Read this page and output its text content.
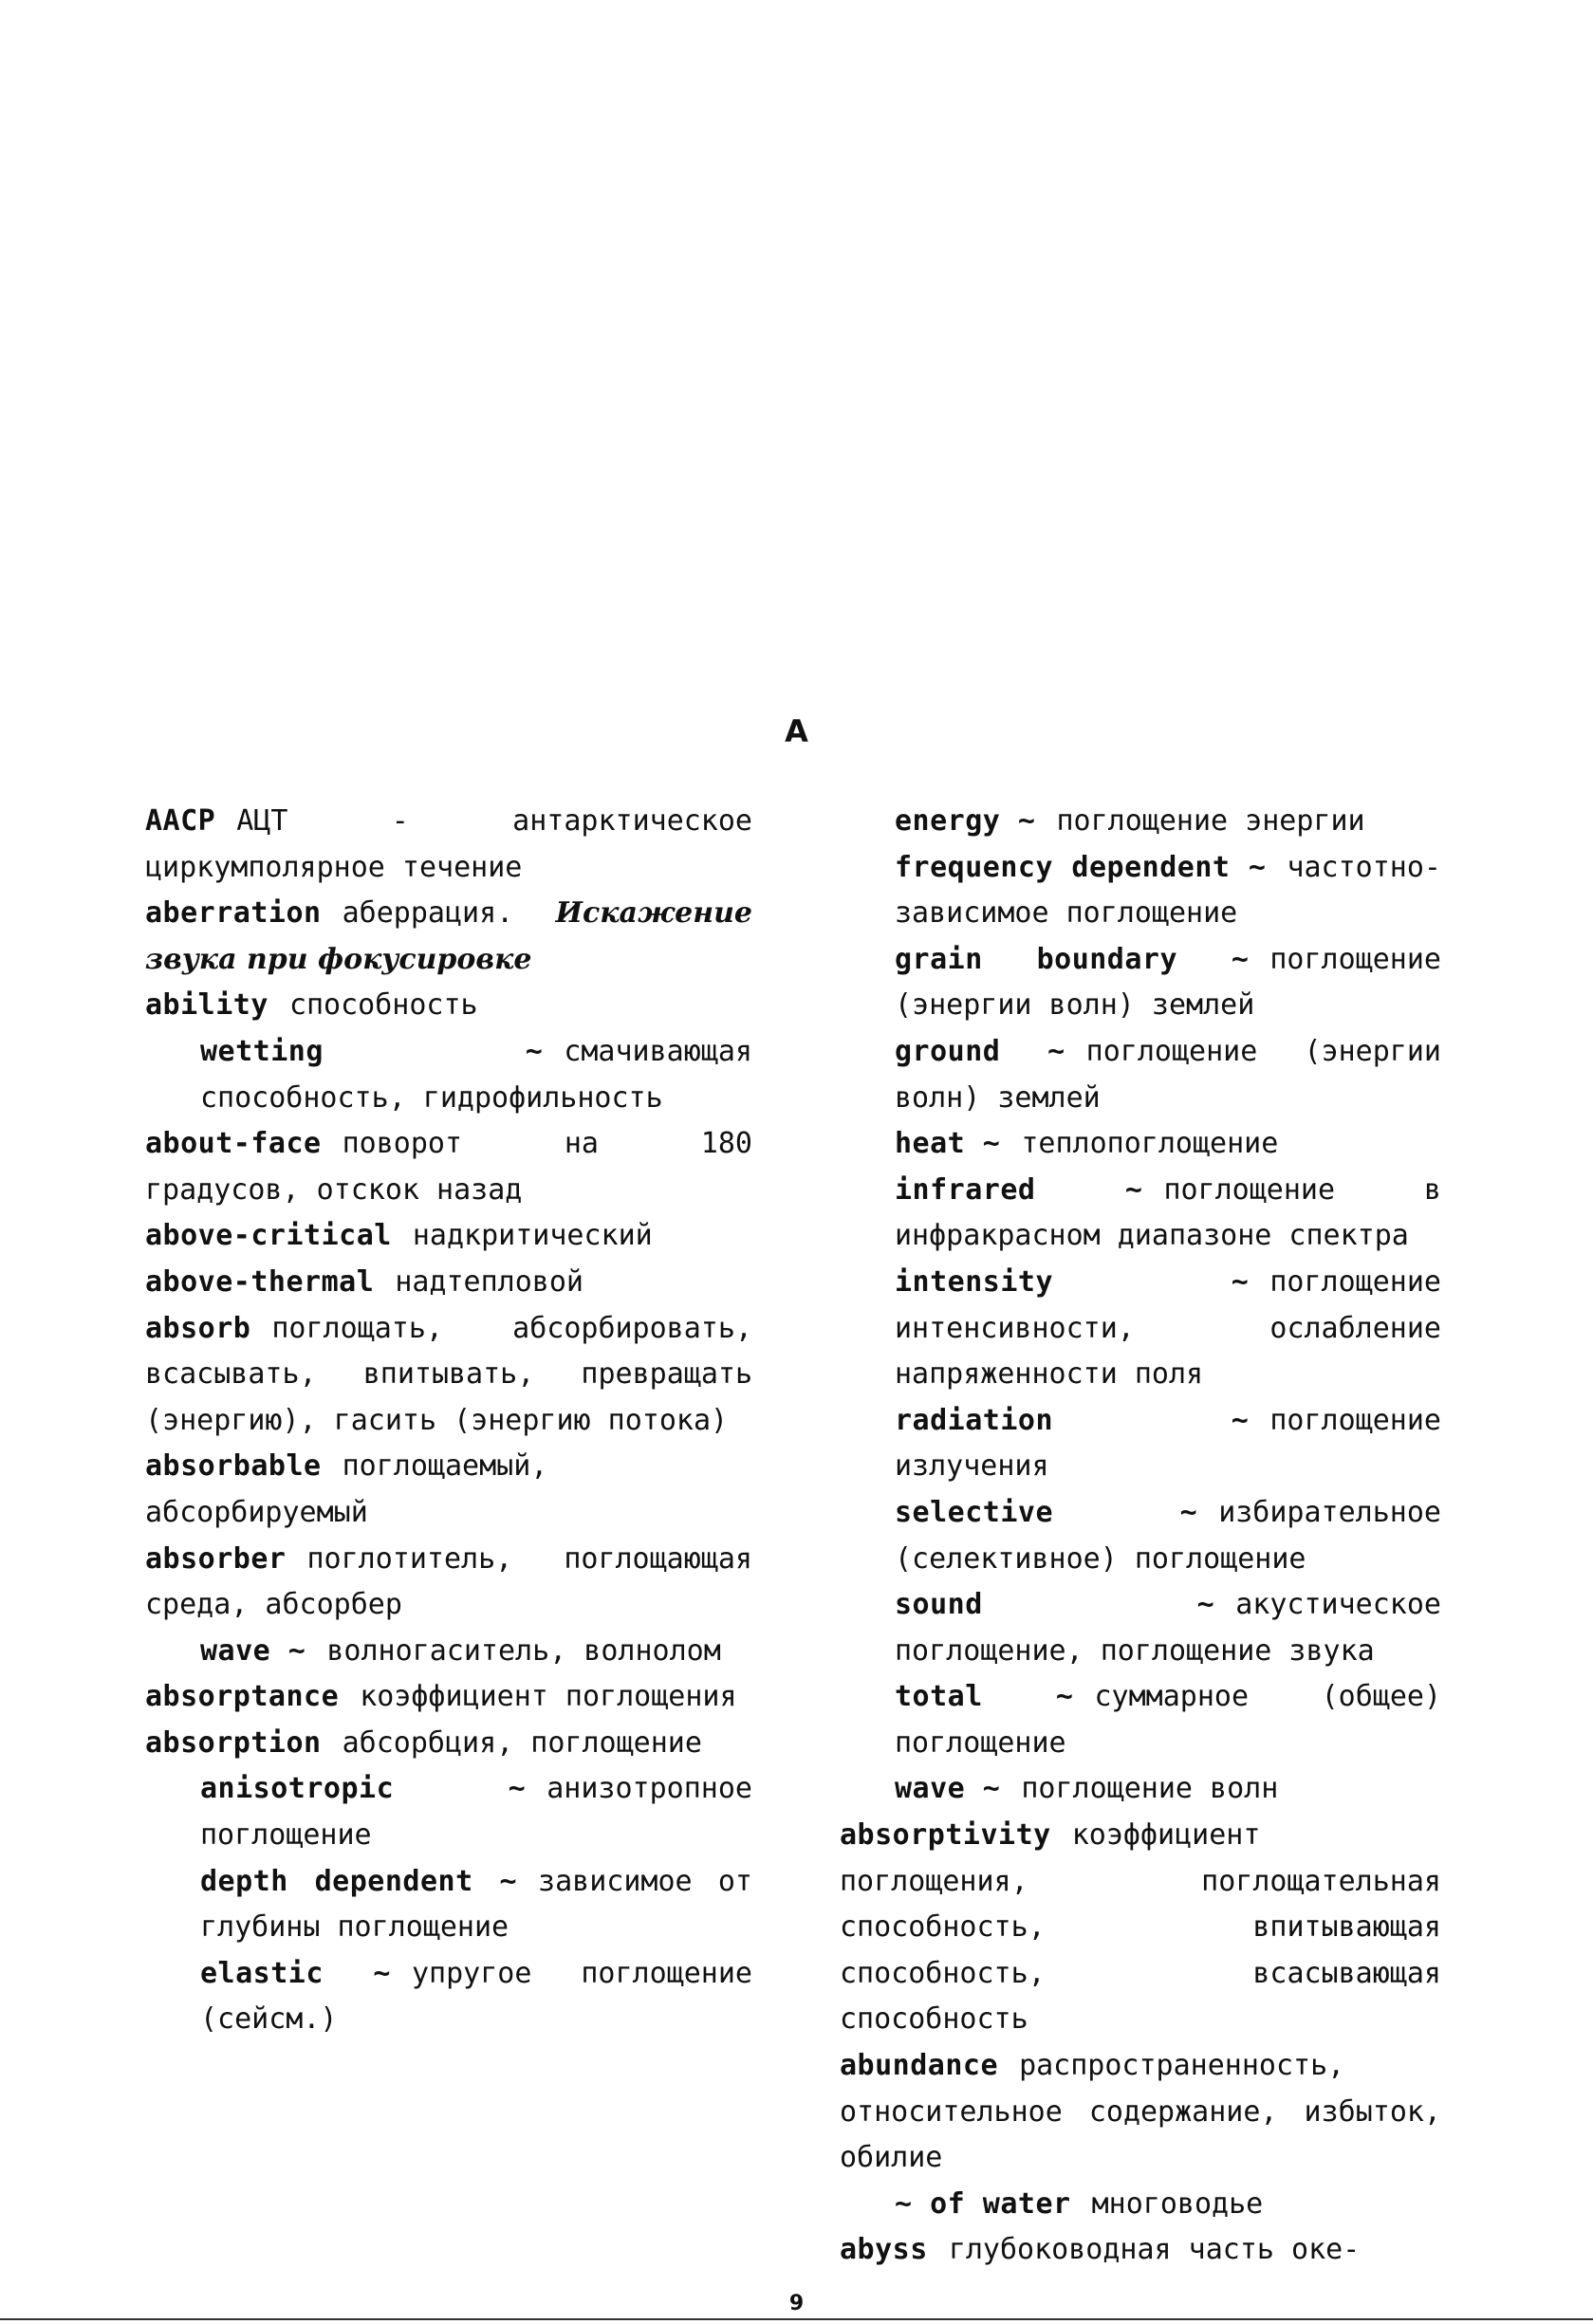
A
AACP АЦТ - антарктическое циркумполярное течение
aberration аберрация. Искажение звука при фокусировке
ability способность
wetting ~ смачивающая способность, гидрофильность
about-face поворот на 180 градусов, отскок назад
above-critical надкритический
above-thermal надтепловой
absorb поглощать, абсорбировать, всасывать, впитывать, превращать (энергию), гасить (энергию потока)
absorbable поглощаемый, абсорбируемый
absorber поглотитель, поглощающая среда, абсорбер
wave ~ волногаситель, волнолом
absorptance коэффициент поглощения
absorption абсорбция, поглощение
anisotropic ~ анизотропное поглощение
depth dependent ~ зависимое от глубины поглощение
elastic ~ упругое поглощение (сейсм.)
energy ~ поглощение энергии
frequency dependent ~ частотно-зависимое поглощение
grain boundary ~ поглощение (энергии волн) землей
ground ~ поглощение (энергии волн) землей
heat ~ теплопоглощение
infrared ~ поглощение в инфракрасном диапазоне спектра
intensity ~ поглощение интенсивности, ослабление напряженности поля
radiation ~ поглощение излучения
selective ~ избирательное (селективное) поглощение
sound ~ акустическое поглощение, поглощение звука
total ~ суммарное (общее) поглощение
wave ~ поглощение волн
absorptivity коэффициент поглощения, поглощательная способность, впитывающая способность, всасывающая способность
abundance распространенность, относительное содержание, избыток, обилие
~ of water многоводье
abyss глубоководная часть оке-
9
